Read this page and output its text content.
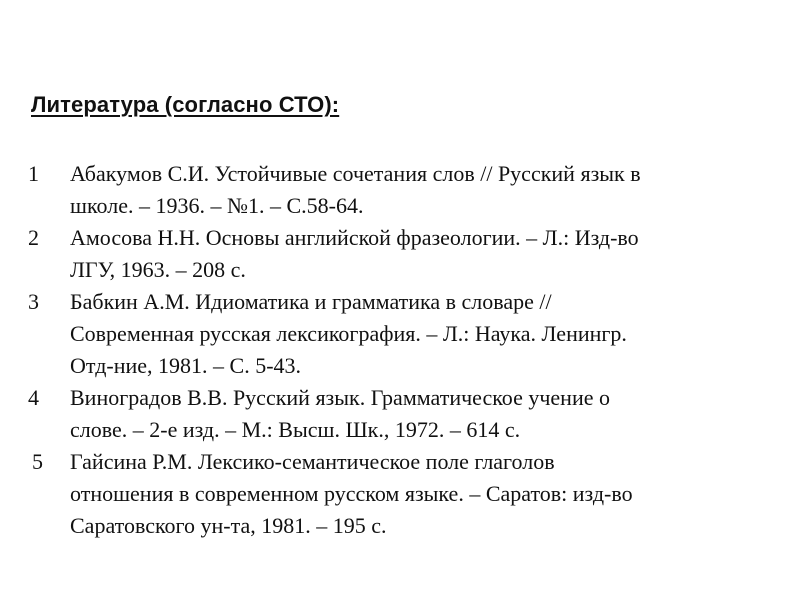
Литература (согласно СТО):
1 Абакумов С.И. Устойчивые сочетания слов // Русский язык в
школе. – 1936. – №1. – С.58-64.
2 Амосова Н.Н. Основы английской фразеологии. – Л.: Изд-во
ЛГУ, 1963. – 208 с.
3 Бабкин А.М. Идиоматика и грамматика в словаре //
Современная русская лексикография. – Л.: Наука. Ленингр.
Отд-ние, 1981. – С. 5-43.
4 Виноградов В.В. Русский язык. Грамматическое учение о
слове. – 2-е изд. – М.: Высш. Шк., 1972. – 614 с.
5 Гайсина Р.М. Лексико-семантическое поле глаголов
отношения в современном русском языке. – Саратов: изд-во
Саратовского ун-та, 1981. – 195 с.
